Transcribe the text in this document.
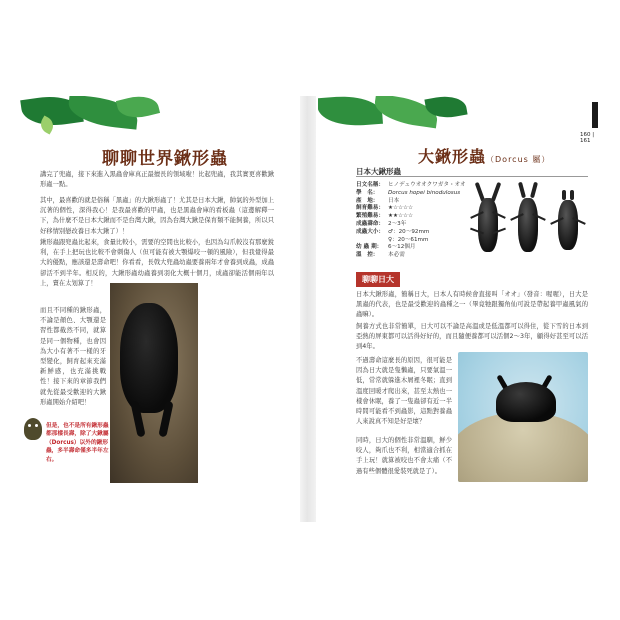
聊聊世界鍬形蟲
講完了兜蟲，接下來進入黑蟲會庫真正最擅長的領域啦！比起兜蟲，我其實更喜歡鍬形蟲一點。
其中，最喜歡的就是俗稱「黑蟲」的大鍬形蟲了！尤其是日本大鍬，帥氣的外型加上沉著的個性，深得我心！是我最喜歡的甲蟲，也是黑蟲會庫的看板蟲（這邊解釋一下，為什麼不是日本大鍬而不是台灣大鍬，因為台灣大鍬是保育類不能飼養，所以只好移情別戀改養日本大鍬了）！
鍬形蟲跟兜蟲比起來，食量比較小，需要的空間也比較小，也因為勾爪較沒有那麼銳利，在手上把玩也比較不會刺傷人（但可能有被大顎爆咬一頓的風險），但我覺得最大的優點，應該還是壽命吧！你看看，長戟大兜蟲幼蟲要養兩年才會養到成蟲，成蟲卻活不到半年。相反的，大鍬形蟲幼蟲養到羽化大概十個月，成蟲卻能活個兩年以上，賣在太划算了！
而且不同種的鍬形蟲，不論是顏色、大顎還是習性都截然不同，就算是同一個物種，也會因為大小有著不一樣的牙型變化，飼育起來充滿新鮮感，也充滿挑戰性！接下來的章節我們就先從最受歡迎的大鍬形蟲開始介紹吧！
但是，也不是所有鍬形蟲都那樣長壽，除了大鍬屬（Dorcus）以外的鍬形蟲，多半壽命僅多半年左右。
160 | 161
大鍬形蟲（Dorcus 屬）
日本大鍬形蟲
日文名稱： ヒノデュウオオクワガタ・オオ
學　名：	Dorcus hopei binodulosus
產　地：	日本
飼育難易： ★☆☆☆☆
繁殖難易： ★★☆☆☆
成蟲壽命： 2～3年
成蟲大小： ♂：20～92mm
♀：20～61mm
幼 蟲 期：	6～12個月
溫　控：	本必需
聊聊日大
日本大鍬形蟲，簡稱日大，日本人有時候會直接叫「オオ」（發音：喔喔），日大是黑蟲的代表，也是最受歡迎的蟲種之一（畢竟牠跟獨角仙可說是帶起養甲蟲風氣的蟲嘛）。
飼養方式也非常簡單，日大可以不論是高溫或是低溫都可以得住，從下雪的日本到亞熱的屏東都可以活得好好的，而且隨便養都可以活個2～3年，顧得好甚至可以活到4年。
不過壽命這麼長的原因，很可能是因為日大就是隻懶蟲，只要氣溫一低，常常就躲進木屑裡冬眠；直到溫度回暖才爬出來，甚至太熱也一樣會休眠，養了一隻蟲卻有近一半時間可能看不到蟲影，這點對養蟲人來說真不知是好是壞？
同時，日大的個性非常溫馴，鮮少咬人，夠爪也不利，相當適合抓在手上玩！就算被咬也不會太痛（不過有些個體很愛裝死就是了）。
